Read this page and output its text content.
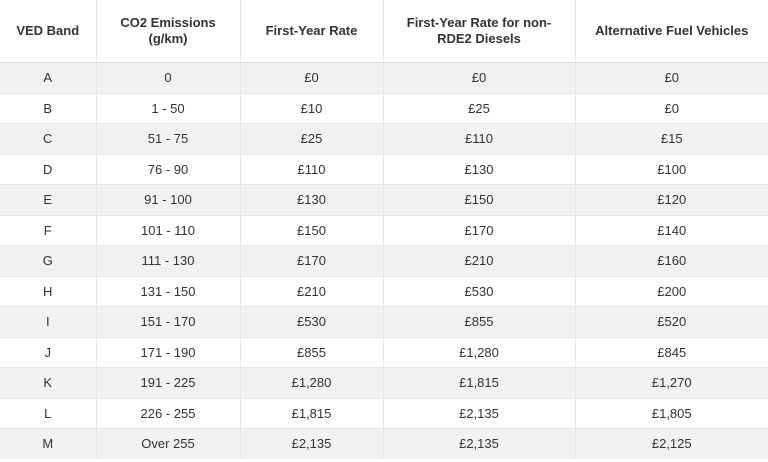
VED Band	CO2 Emissions (g/km)	First-Year Rate	First-Year Rate for non-RDE2 Diesels	Alternative Fuel Vehicles
A	0	£0	£0	£0
B	1 - 50	£10	£25	£0
C	51 - 75	£25	£110	£15
D	76 - 90	£110	£130	£100
E	91 - 100	£130	£150	£120
F	101 - 110	£150	£170	£140
G	111 - 130	£170	£210	£160
H	131 - 150	£210	£530	£200
I	151 - 170	£530	£855	£520
J	171 - 190	£855	£1,280	£845
K	191 - 225	£1,280	£1,815	£1,270
L	226 - 255	£1,815	£2,135	£1,805
M	Over 255	£2,135	£2,135	£2,125
